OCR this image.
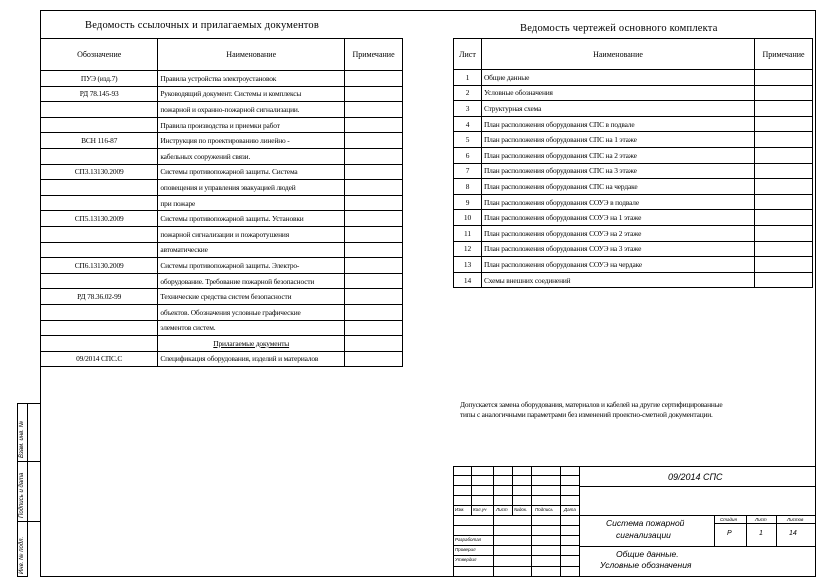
Ведомость ссылочных и прилагаемых документов
Обозначение	Наименование	Примечание
ПУЭ (изд.7)	Правила устройства электроустановок	
РД 78.145-93	Руководящий документ. Системы и комплексы	
	пожарной и охранно-пожарной сигнализации.	
	Правила производства и приемки работ	
ВСН 116-87	Инструкция по проектированию линейно -	
	кабельных сооружений связи.	
СП3.13130.2009	Системы противопожарной защиты. Система	
	оповещения и управления эвакуацией людей	
	при пожаре	
СП5.13130.2009	Системы противопожарной защиты. Установки	
	пожарной сигнализации и пожаротушения	
	автоматические	
СП6.13130.2009	Системы противопожарной защиты. Электро-	
	оборудование. Требование пожарной безопасности	
РД 78.36.02-99	Технические средства систем безопасности	
	объектов. Обозначения условные графические	
	элементов систем.	
	Прилагаемые документы	
09/2014 СПС.С	Спецификация оборудования, изделий и материалов	
Ведомость чертежей основного комплекта
Лист	Наименование	Примечание
1	Общие данные	
2	Условные обозначения	
3	Структурная схема	
4	План расположения оборудования СПС в подвале	
5	План расположения оборудования СПС на 1 этаже	
6	План расположения оборудования СПС на 2 этаже	
7	План расположения оборудования СПС на 3 этаже	
8	План расположения оборудования СПС на чердаке	
9	План расположения оборудования СОУЭ в подвале	
10	План расположения оборудования СОУЭ на 1 этаже	
11	План расположения оборудования СОУЭ на 2 этаже	
12	План расположения оборудования СОУЭ на 3 этаже	
13	План расположения оборудования СОУЭ на чердаке	
14	Схемы внешних соединений	
Допускается замена оборудования, материалов и кабелей на другие сертифицированные
типы с аналогичными параметрами без изменений проектно-сметной документации.
Взам. инв. №
Подпись и дата
Инв. № подл.
09/2014 СПС
Система пожарной
сигнализации
Общие данные.
Условные обозначения
Изм. Кол.уч Лист №док. Подпись Дата
Разработал
Проверил
Утвердил
Стадия	Лист	Листов
Р	1	14
